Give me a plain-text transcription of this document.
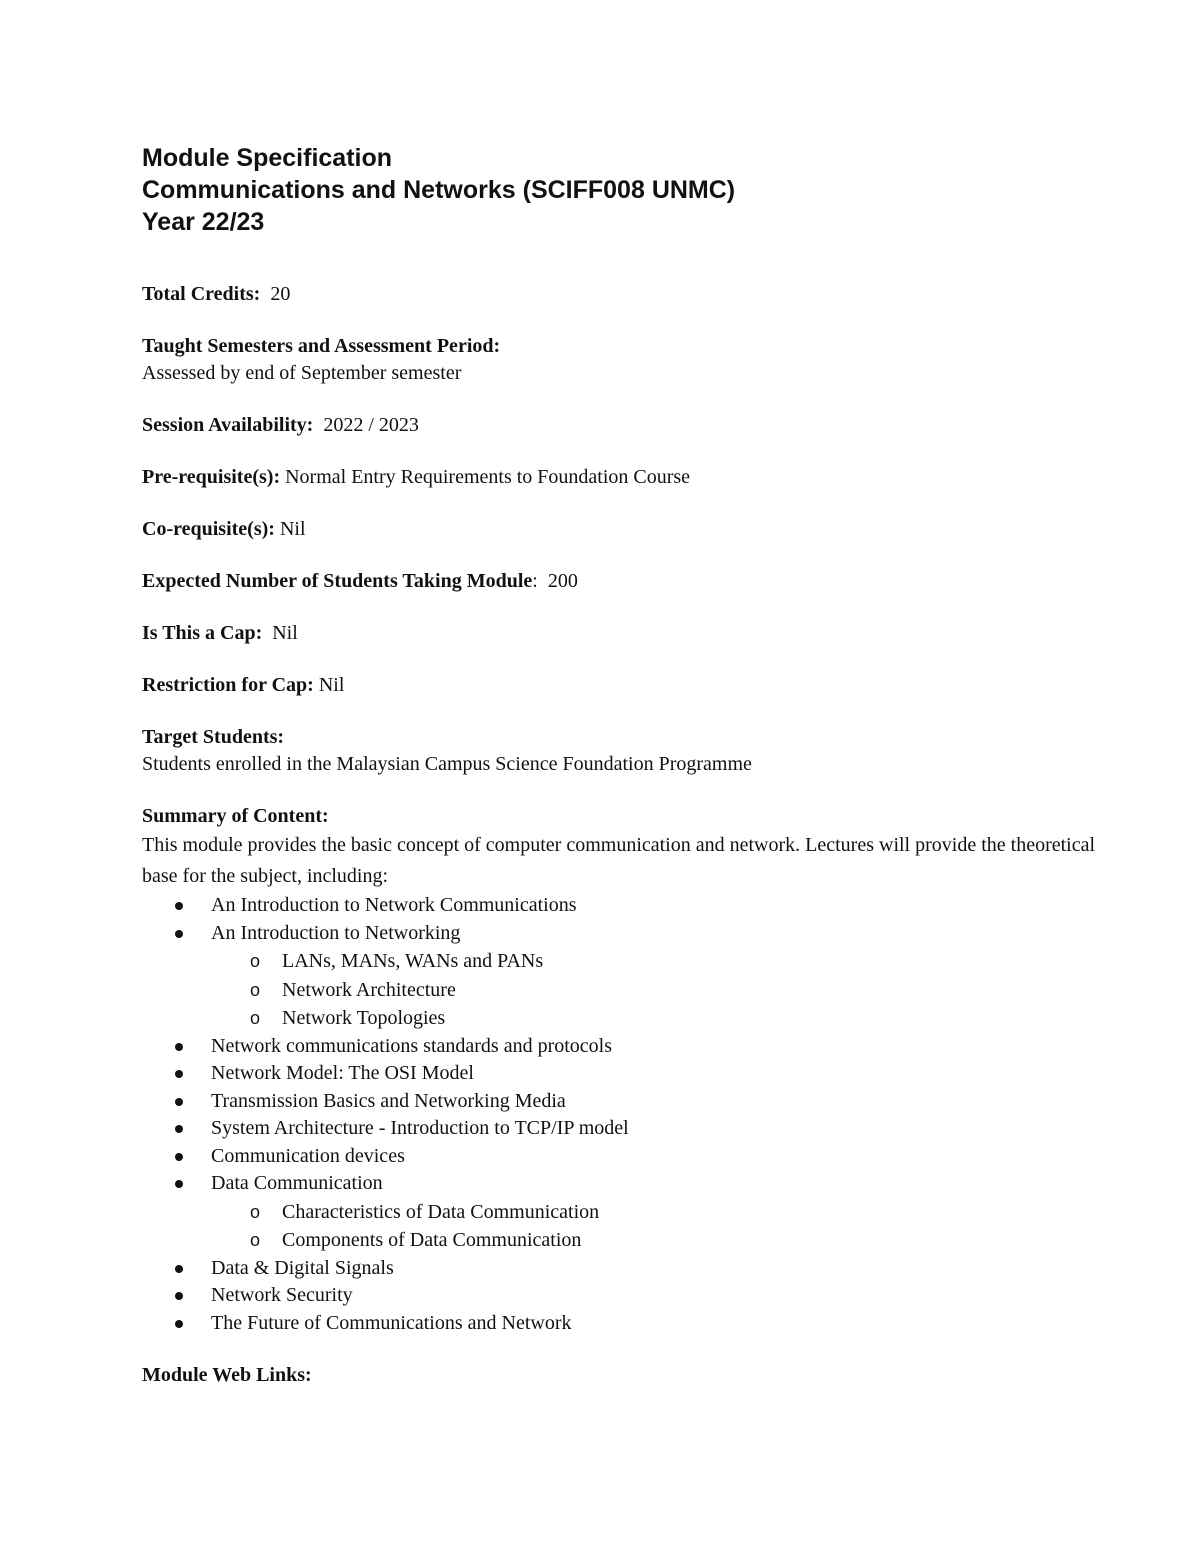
Module Specification
Communications and Networks (SCIFF008 UNMC)
Year 22/23
Total Credits: 20
Taught Semesters and Assessment Period:
Assessed by end of September semester
Session Availability: 2022 / 2023
Pre-requisite(s): Normal Entry Requirements to Foundation Course
Co-requisite(s): Nil
Expected Number of Students Taking Module: 200
Is This a Cap: Nil
Restriction for Cap: Nil
Target Students:
Students enrolled in the Malaysian Campus Science Foundation Programme
Summary of Content:
This module provides the basic concept of computer communication and network. Lectures will provide the theoretical base for the subject, including:
An Introduction to Network Communications
An Introduction to Networking
o LANs, MANs, WANs and PANs
o Network Architecture
o Network Topologies
Network communications standards and protocols
Network Model: The OSI Model
Transmission Basics and Networking Media
System Architecture - Introduction to TCP/IP model
Communication devices
Data Communication
o Characteristics of Data Communication
o Components of Data Communication
Data & Digital Signals
Network Security
The Future of Communications and Network
Module Web Links:
